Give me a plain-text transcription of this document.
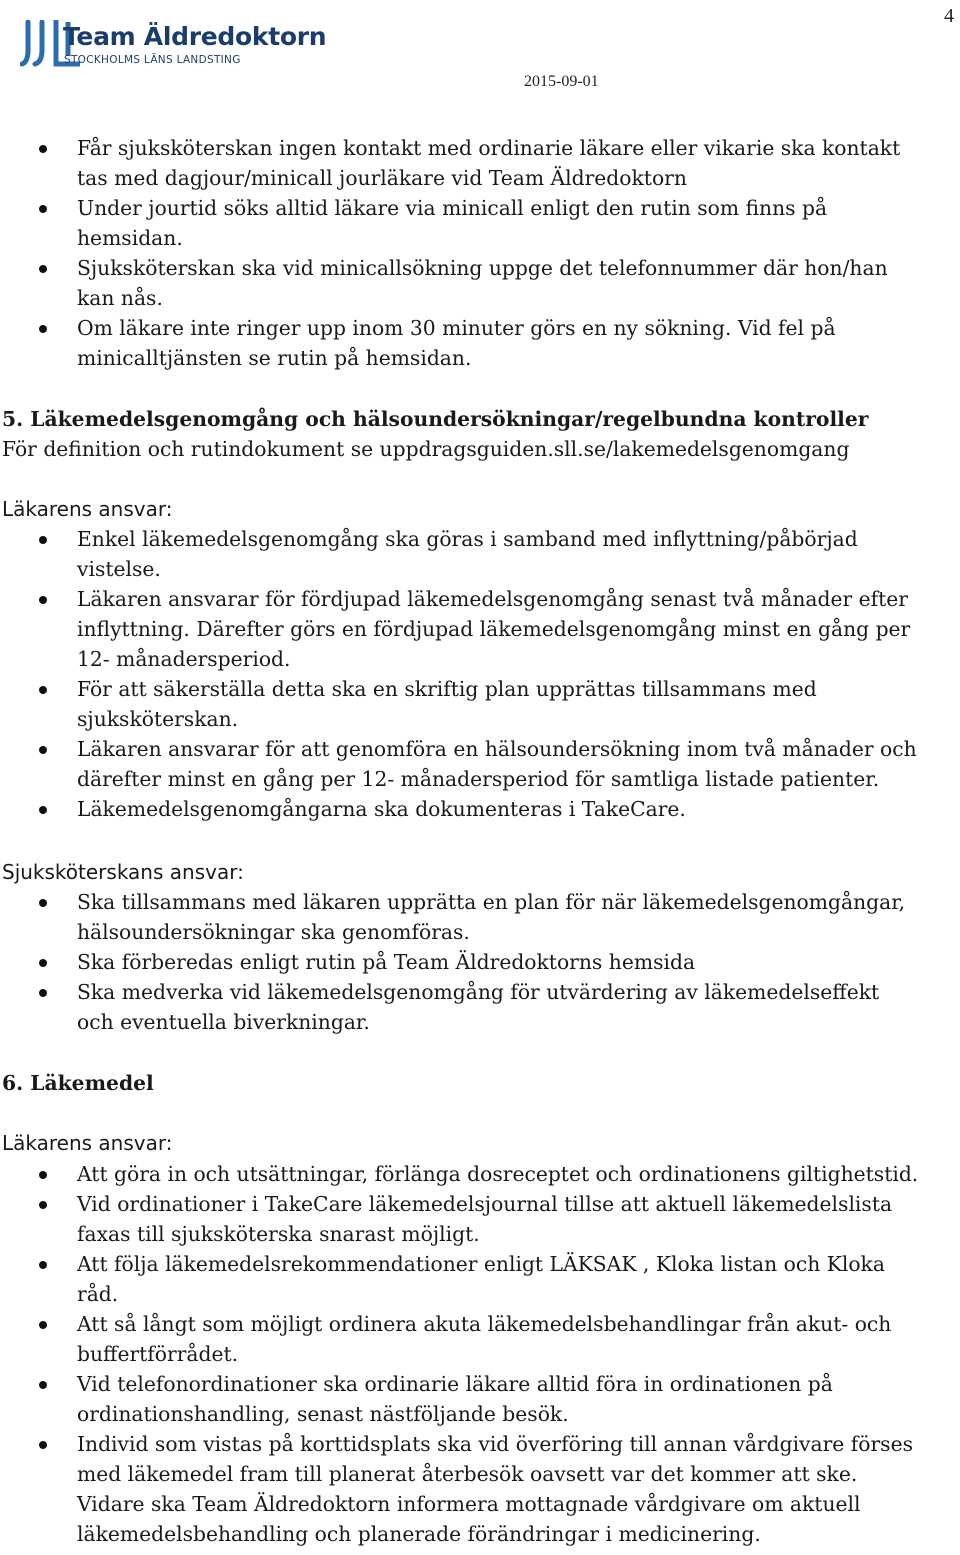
Team Äldredoktorn
STOCKHOLMS LÄNS LANDSTING
4
2015-09-01
Får sjuksköterskan ingen kontakt med ordinarie läkare eller vikarie ska kontakt
tas med dagjour/minicall jourläkare vid Team Äldredoktorn
Under jourtid söks alltid läkare via minicall enligt den rutin som finns på
hemsidan.
Sjuksköterskan ska vid minicallsökning uppge det telefonnummer där hon/han
kan nås.
Om läkare inte ringer upp inom 30 minuter görs en ny sökning. Vid fel på
minicalltjänsten se rutin på hemsidan.
5. Läkemedelsgenomgång och hälsoundersökningar/regelbundna kontroller
För definition och rutindokument se uppdragsguiden.sll.se/lakemedelsgenomgang
Läkarens ansvar:
Enkel läkemedelsgenomgång ska göras i samband med inflyttning/påbörjad
vistelse.
Läkaren ansvarar för fördjupad läkemedelsgenomgång senast två månader efter
inflyttning. Därefter görs en fördjupad läkemedelsgenomgång minst en gång per
12- månadersperiod.
För att säkerställa detta ska en skriftig plan upprättas tillsammans med
sjuksköterskan.
Läkaren ansvarar för att genomföra en hälsoundersökning inom två månader och
därefter minst en gång per 12- månadersperiod för samtliga listade patienter.
Läkemedelsgenomgångarna ska dokumenteras i TakeCare.
Sjuksköterskans ansvar:
Ska tillsammans med läkaren upprätta en plan för när läkemedelsgenomgångar,
hälsoundersökningar ska genomföras.
Ska förberedas enligt rutin på Team Äldredoktorns hemsida
Ska medverka vid läkemedelsgenomgång för utvärdering av läkemedelseffekt
och eventuella biverkningar.
6. Läkemedel
Läkarens ansvar:
Att göra in och utsättningar, förlänga dosreceptet och ordinationens giltighetstid.
Vid ordinationer i TakeCare läkemedelsjournal tillse att aktuell läkemedelslista
faxas till sjuksköterska snarast möjligt.
Att följa läkemedelsrekommendationer enligt LÄKSAK , Kloka listan och Kloka
råd.
Att så långt som möjligt ordinera akuta läkemedelsbehandlingar från akut- och
buffertförrådet.
Vid telefonordinationer ska ordinarie läkare alltid föra in ordinationen på
ordinationshandling, senast nästföljande besök.
Individ som vistas på korttidsplats ska vid överföring till annan vårdgivare förses
med läkemedel fram till planerat återbesök oavsett var det kommer att ske.
Vidare ska Team Äldredoktorn informera mottagnade vårdgivare om aktuell
läkemedelsbehandling och planerade förändringar i medicinering.
